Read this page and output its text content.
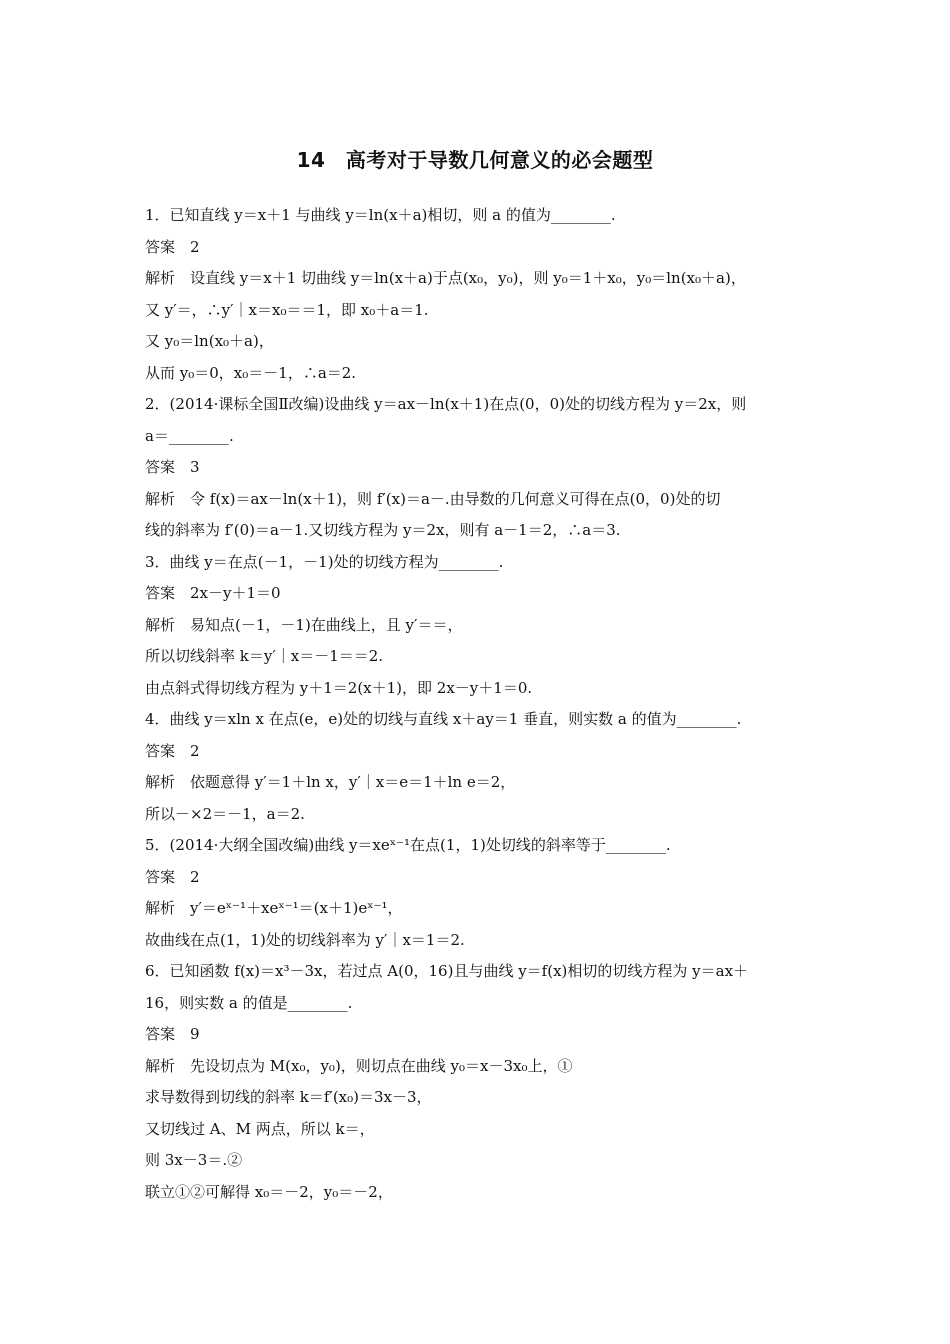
14　高考对于导数几何意义的必会题型
1．已知直线 y＝x＋1 与曲线 y＝ln(x＋a)相切，则 a 的值为________.
答案　2
解析　设直线 y＝x＋1 切曲线 y＝ln(x＋a)于点(x₀，y₀)，则 y₀＝1＋x₀，y₀＝ln(x₀＋a)，
又 y′＝，∴y′｜x＝x₀＝＝1，即 x₀＋a＝1.
又 y₀＝ln(x₀＋a)，
从而 y₀＝0，x₀＝－1，∴a＝2.
2．(2014·课标全国Ⅱ改编)设曲线 y＝ax－ln(x＋1)在点(0，0)处的切线方程为 y＝2x，则
a＝________.
答案　3
解析　令 f(x)＝ax－ln(x＋1)，则 f′(x)＝a－.由导数的几何意义可得在点(0，0)处的切
线的斜率为 f′(0)＝a－1.又切线方程为 y＝2x，则有 a－1＝2，∴a＝3.
3．曲线 y＝在点(－1，－1)处的切线方程为________.
答案　2x－y＋1＝0
解析　易知点(－1，－1)在曲线上，且 y′＝＝，
所以切线斜率 k＝y′｜x＝－1＝＝2.
由点斜式得切线方程为 y＋1＝2(x＋1)，即 2x－y＋1＝0.
4．曲线 y＝xln x 在点(e，e)处的切线与直线 x＋ay＝1 垂直，则实数 a 的值为________.
答案　2
解析　依题意得 y′＝1＋ln x，y′｜x＝e＝1＋ln e＝2，
所以－×2＝－1，a＝2.
5．(2014·大纲全国改编)曲线 y＝xeˣ⁻¹在点(1，1)处切线的斜率等于________.
答案　2
解析　y′＝eˣ⁻¹＋xeˣ⁻¹＝(x＋1)eˣ⁻¹，
故曲线在点(1，1)处的切线斜率为 y′｜x＝1＝2.
6．已知函数 f(x)＝x³－3x，若过点 A(0，16)且与曲线 y＝f(x)相切的切线方程为 y＝ax＋
16，则实数 a 的值是________.
答案　9
解析　先设切点为 M(x₀，y₀)，则切点在曲线 y₀＝x－3x₀上，①
求导数得到切线的斜率 k＝f′(x₀)＝3x－3，
又切线过 A、M 两点，所以 k＝，
则 3x－3＝.②
联立①②可解得 x₀＝－2，y₀＝－2，
